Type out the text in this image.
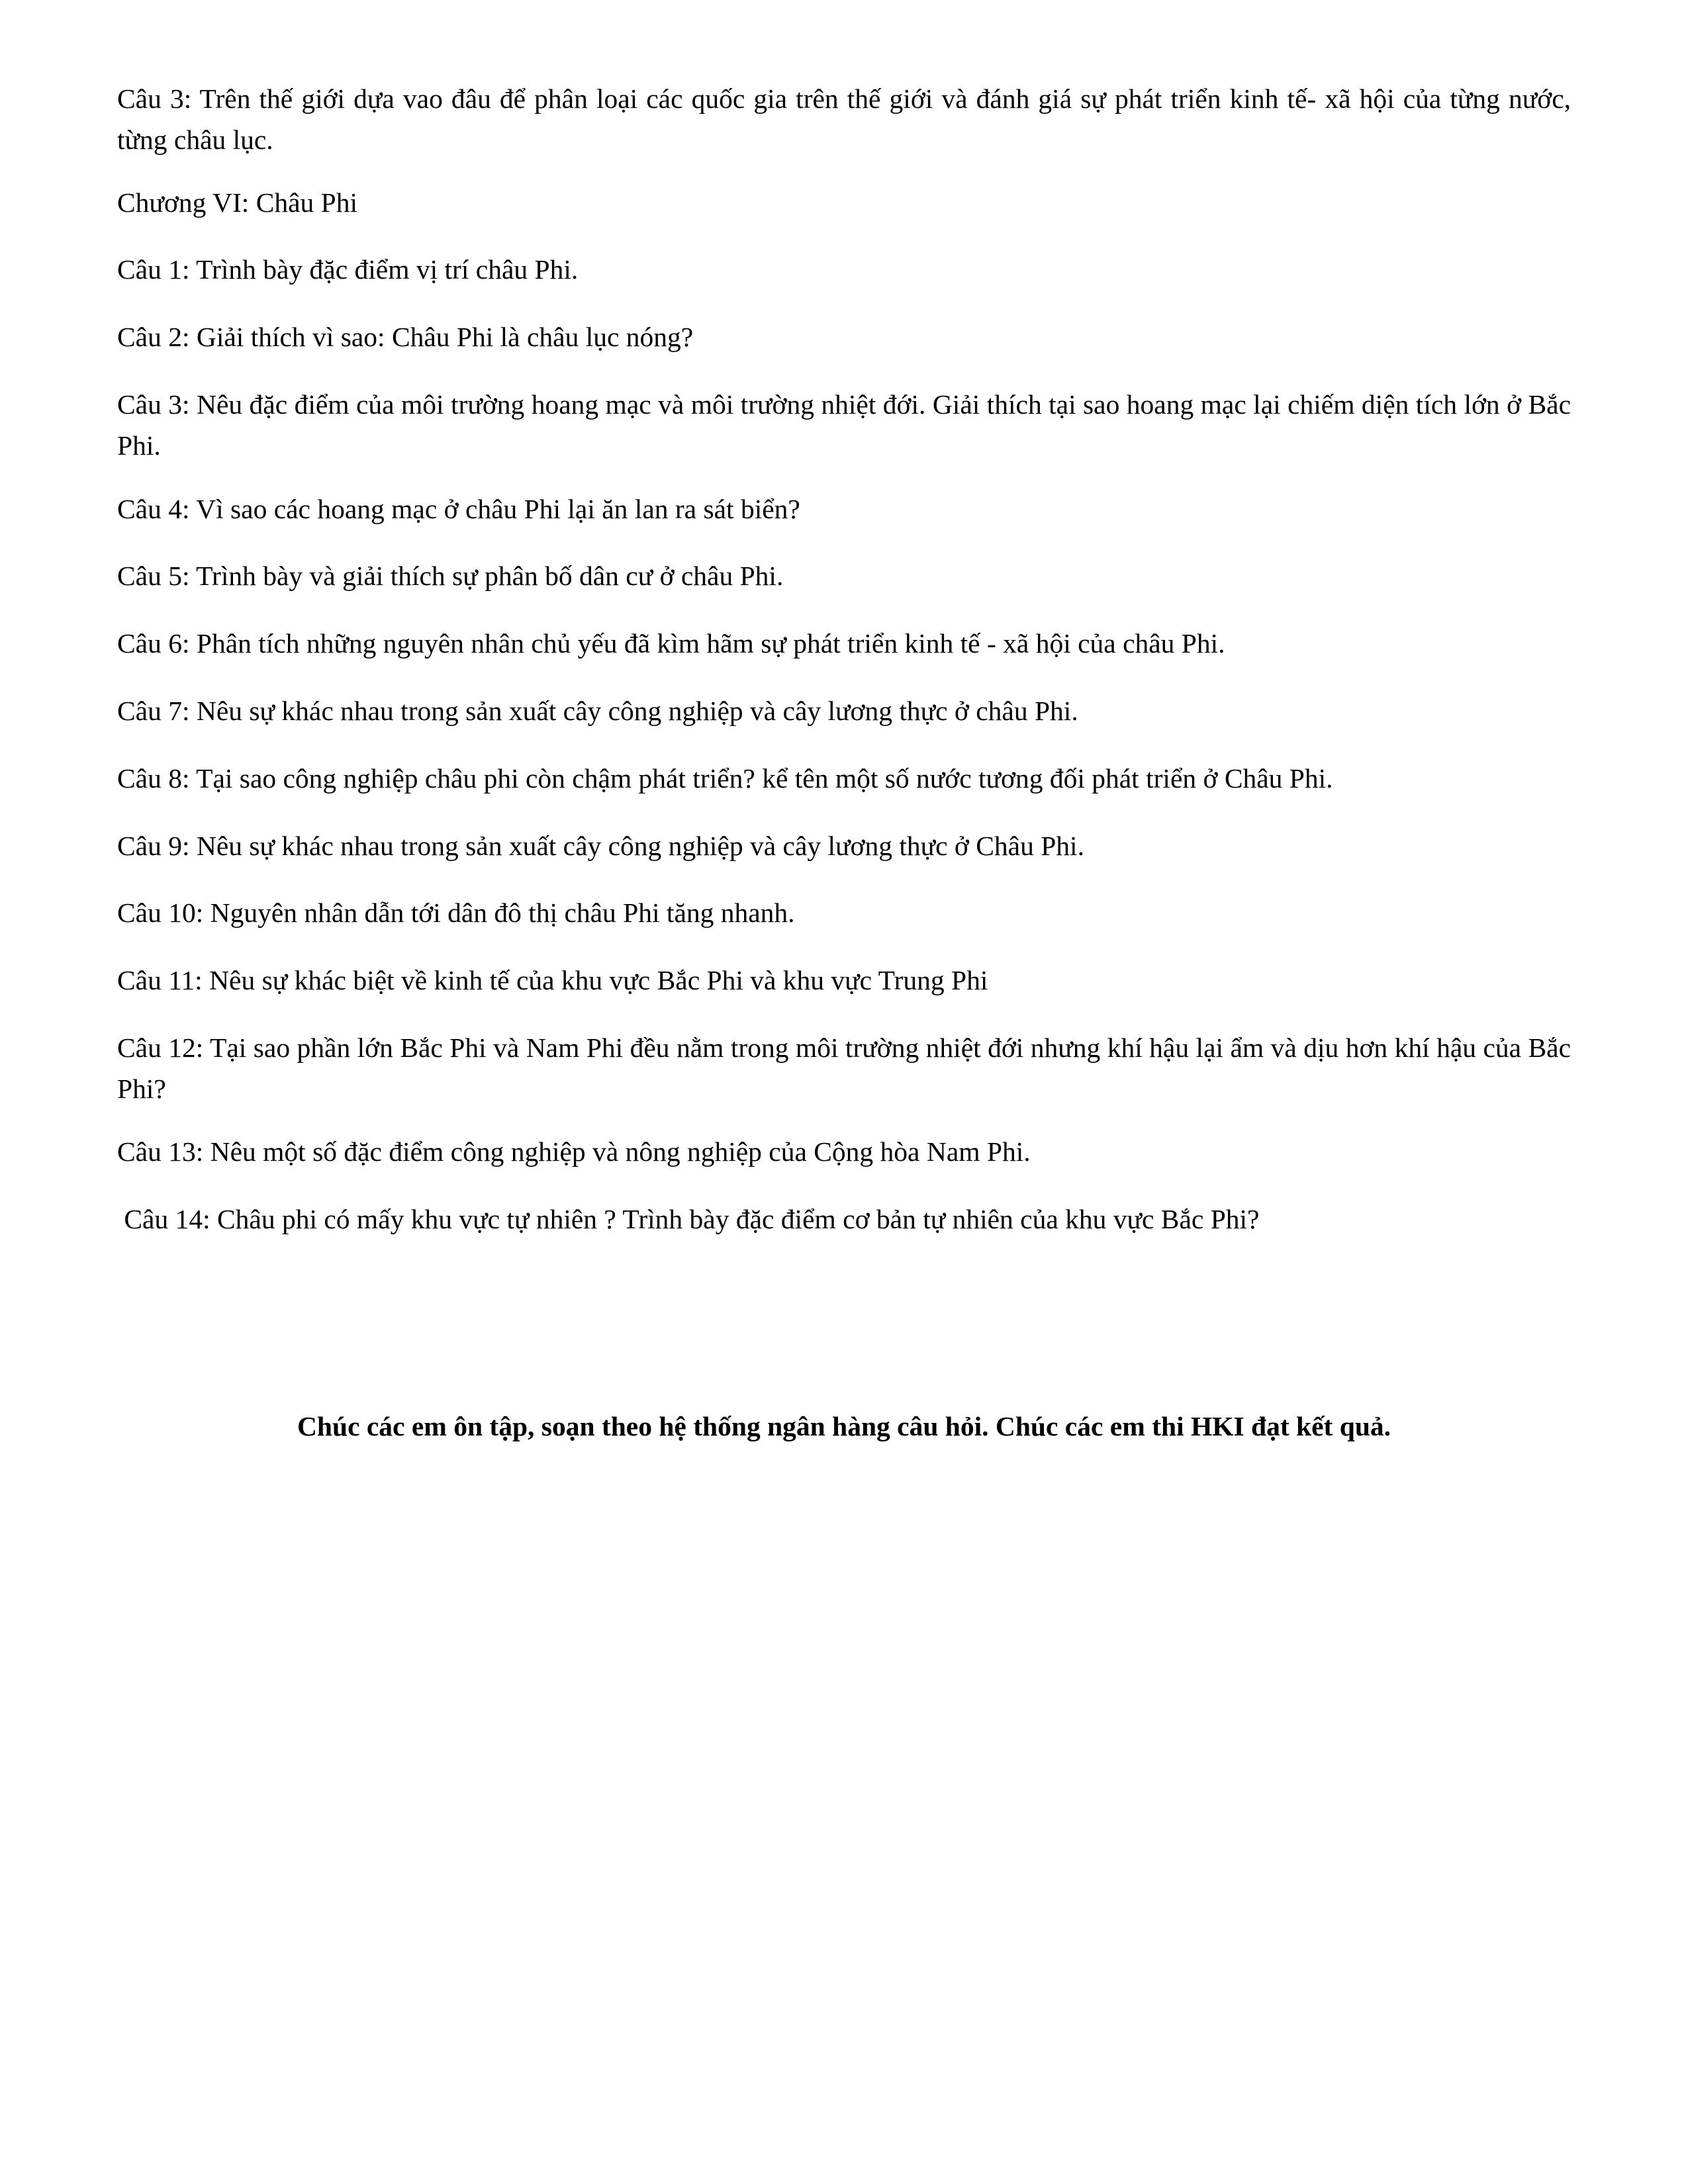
Câu 3: Trên thế giới dựa vao đâu để phân loại các quốc gia trên thế giới và đánh giá sự phát triển kinh tế- xã hội của từng nước, từng châu lục.

Chương VI: Châu Phi

Câu 1: Trình bày đặc điểm vị trí châu Phi.

Câu 2: Giải thích vì sao: Châu Phi là châu lục nóng?

Câu 3: Nêu đặc điểm của môi trường hoang mạc và môi trường nhiệt đới. Giải thích tại sao hoang mạc lại chiếm diện tích lớn ở Bắc Phi.

Câu 4: Vì sao các hoang mạc ở châu Phi lại ăn lan ra sát biển?

Câu 5: Trình bày và giải thích sự phân bố dân cư ở châu Phi.

Câu 6: Phân tích những nguyên nhân chủ yếu đã kìm hãm sự phát triển kinh tế - xã hội của châu Phi.

Câu 7: Nêu sự khác nhau trong sản xuất cây công nghiệp và cây lương thực ở châu Phi.

Câu 8: Tại sao công nghiệp châu phi còn chậm phát triển? kể tên một số nước tương đối phát triển ở Châu Phi.

Câu 9: Nêu sự khác nhau trong sản xuất cây công nghiệp và cây lương thực ở Châu Phi.

Câu 10: Nguyên nhân dẫn tới dân đô thị châu Phi tăng nhanh.

Câu 11: Nêu sự khác biệt về kinh tế của khu vực Bắc Phi và khu vực Trung Phi

Câu 12: Tại sao phần lớn Bắc Phi và Nam Phi đều nằm trong môi trường nhiệt đới nhưng khí hậu lại ẩm và dịu hơn khí hậu của Bắc Phi?

Câu 13: Nêu một số đặc điểm công nghiệp và nông nghiệp của Cộng hòa Nam Phi.

Câu 14: Châu phi có mấy khu vực tự nhiên ? Trình bày đặc điểm cơ bản tự nhiên của khu vực Bắc Phi?

Chúc các em ôn tập, soạn theo hệ thống ngân hàng câu hỏi. Chúc các em thi HKI đạt kết quả.
